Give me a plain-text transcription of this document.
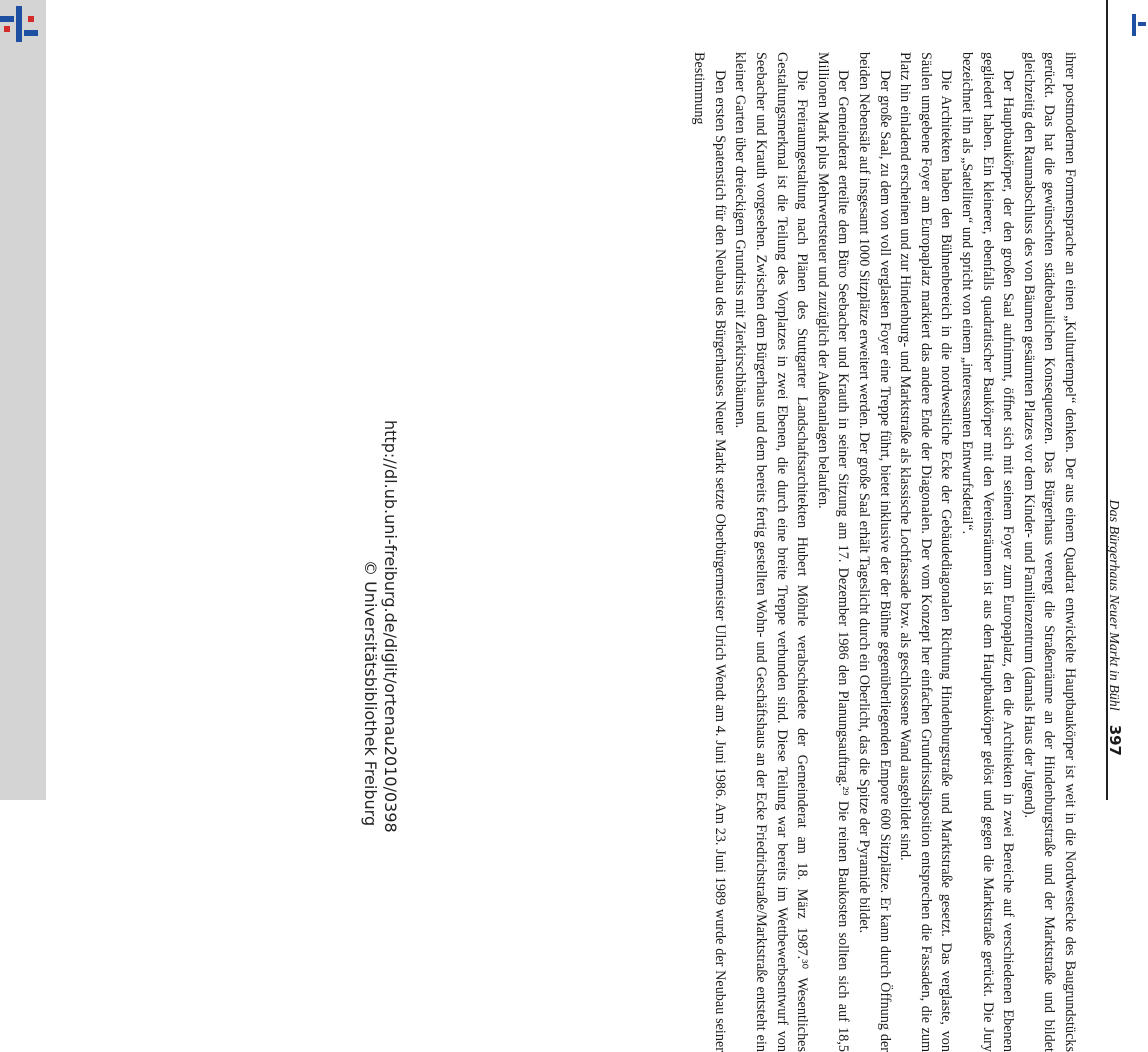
Das Bürgerhaus Neuer Markt in Bühl
397

ihrer postmodernen Formensprache an einen „Kulturtempel“ denken. Der aus einem Quadrat entwickelte Hauptbaukörper ist weit in die Nordwestecke des Baugrundstücks gerückt. Das hat die gewünschten städtebaulichen Konsequenzen. Das Bürgerhaus verengt die Straßenräume an der Hindenburgstraße und der Marktstraße und bildet gleichzeitig den Raumabschluss des von Bäumen gesäumten Platzes vor dem Kinder- und Familienzentrum (damals Haus der Jugend).

Der Hauptbaukörper, der den großen Saal aufnimmt, öffnet sich mit seinem Foyer zum Europaplatz, den die Architekten in zwei Bereiche auf verschiedenen Ebenen gegliedert haben. Ein kleinerer, ebenfalls quadratischer Baukörper mit den Vereinsräumen ist aus dem Hauptbaukörper gelöst und gegen die Marktstraße gerückt. Die Jury bezeichnet ihn als „Satelliten“ und spricht von einem „interessanten Entwurfsdetail“.

Die Architekten haben den Bühnenbereich in die nordwestliche Ecke der Gebäudediagonalen Richtung Hindenburgstraße und Marktstraße gesetzt. Das verglaste, von Säulen umgebene Foyer am Europaplatz markiert das andere Ende der Diagonalen. Der vom Konzept her einfachen Grundrissdisposition entsprechen die Fassaden, die zum Platz hin einladend erscheinen und zur Hindenburg- und Marktstraße als klassische Lochfassade bzw. als geschlossene Wand ausgebildet sind.

Der große Saal, zu dem von voll verglasten Foyer eine Treppe führt, bietet inklusive der der Bühne gegenüberliegenden Empore 600 Sitzplätze. Er kann durch Öffnung der beiden Nebensäle auf insgesamt 1000 Sitzplätze erweitert werden. Der große Saal erhält Tageslicht durch ein Oberlicht, das die Spitze der Pyramide bildet.

Der Gemeinderat erteilte dem Büro Seebacher und Krauth in seiner Sitzung am 17. Dezember 1986 den Planungsauftrag.²⁹ Die reinen Baukosten sollten sich auf 18,5 Millionen Mark plus Mehrwertsteuer und zuzüglich der Außenanlagen belaufen.

Die Freiraumgestaltung nach Plänen des Stuttgarter Landschaftsarchitekten Hubert Möhrle verabschiedete der Gemeinderat am 18. März 1987.³⁰ Wesentliches Gestaltungsmerkmal ist die Teilung des Vorplatzes in zwei Ebenen, die durch eine breite Treppe verbunden sind. Diese Teilung war bereits im Wettbewerbsentwurf von Seebacher und Krauth vorgesehen. Zwischen dem Bürgerhaus und dem bereits fertig gestellten Wohn- und Geschäftshaus an der Ecke Friedrichstraße/Marktstraße entsteht ein kleiner Garten über dreieckigem Grundriss mit Zierkirschbäumen.

Den ersten Spatenstich für den Neubau des Bürgerhauses Neuer Markt setzte Oberbürgermeister Ulrich Wendt am 4. Juni 1986. Am 23. Juni 1989 wurde der Neubau seiner Bestimmung

http://dl.ub.uni-freiburg.de/diglit/ortenau2010/0398
© Universitätsbibliothek Freiburg
